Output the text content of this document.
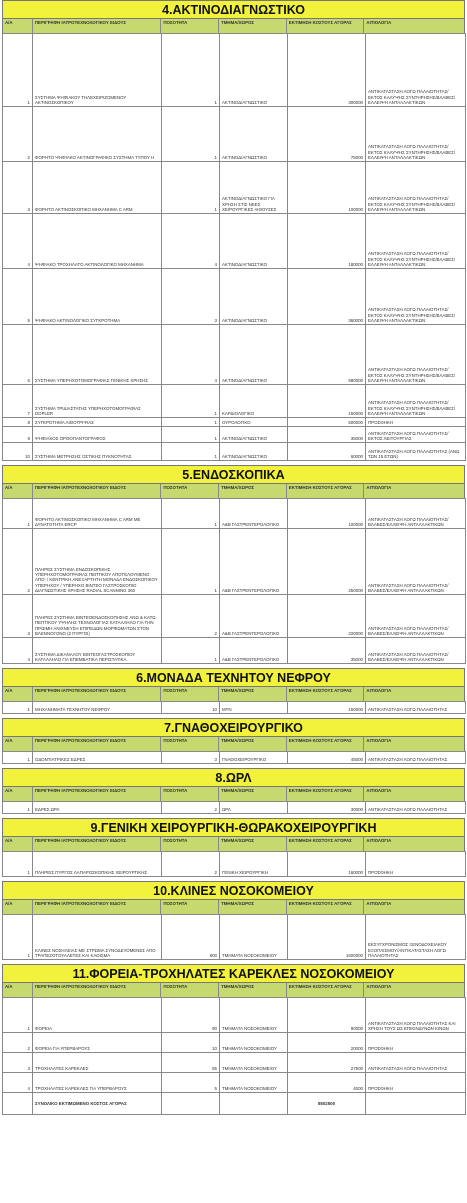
4.ΑΚΤΙΝΟΔΙΑΓΝΩΣΤΙΚΟ
Α/Α	ΠΕΡΙΓΡΑΦΗ ΙΑΤΡΟΤΕΧΝΟΛΟΓΙΚΟΥ ΕΙΔΟΥΣ	ΠΟΣΟΤΗΤΑ	ΤΜΗΜΑ/ΧΩΡΟΣ	ΕΚΤΙΜΗΣΗ ΚΟΣΤΟΥΣ ΑΓΟΡΑΣ	ΑΙΤΙΟΛΟΓΙΑ
1	ΣΥΣΤΗΜΑ ΨΗΦΙΑΚΟΥ ΤΗΛΕΧΕΙΡΙΖΟΜΕΝΟΥ ΑΚΤΙΝΟΣΚΟΠΙΚΟΥ	1	ΑΚΤΙΝΟΔ/ΑΓΝΩΣΤΙΚΟ	300000	ΑΝΤΙΚΑΤΑΣΤΑΣΗ ΛΟΓΩ ΠΑΛΑΙΟΤΗΤΑΣ/ΕΚΤΟΣ ΚΑΛΥΨΗΣ ΣΥΝΤΗΡΗΣΗΣ/ΒΛΑΒΕΣ/ΕΛΛΕΙΨΗ ΑΝΤΑΛΛΑΚΤΙΚΩΝ
2	ΦΟΡΗΤΟ ΨΗΦΙΑΚΟ ΑΚΤΙΝΟΓΡΑΦΙΚΟ ΣΥΣΤΗΜΑ ΤΥΠΟΥ Η	1	ΑΚΤΙΝΟΔ/ΑΓΝΩΣΤΙΚΟ	75000	ΑΝΤΙΚΑΤΑΣΤΑΣΗ ΛΟΓΩ ΠΑΛΑΙΟΤΗΤΑΣ/ΕΚΤΟΣ ΚΑΛΥΨΗΣ ΣΥΝΤΗΡΗΣΗΣ/ΒΛΑΒΕΣ/ΕΛΛΕΙΨΗ ΑΝΤΑΛΛΑΚΤΙΚΩΝ
3	ΦΟΡΗΤΟ ΑΚΤΙΝΟΣΚΟΠΙΚΟ ΜΗΧΑΝΗΜΑ C ARM	1	ΑΚΤΙΝΟΔ/ΑΓΝΩΣΤΙΚΟ ΓΙΑ ΧΡΗΣΗ ΣΤΙΣ ΝΕΕΣ ΧΕΙΡΟΥΡΓΙΚΕΣ ΑΙΘΟΥΣΕΣ	100000	ΑΝΤΙΚΑΤΑΣΤΑΣΗ ΛΟΓΩ ΠΑΛΑΙΟΤΗΤΑΣ/ΕΚΤΟΣ ΚΑΛΥΨΗΣ ΣΥΝΤΗΡΗΣΗΣ/ΒΛΑΒΕΣ/ΕΛΛΕΙΨΗ ΑΝΤΑΛΛΑΚΤΙΚΩΝ
4	ΨΗΦΙΑΚΟ ΤΡΟΧΗΛΑΤΟ ΑΚΤΙΝΟΛΟΓΙΚΟ ΜΗΧΑΝΗΜΑ	4	ΑΚΤΙΝΟΔ/ΑΓΝΩΣΤΙΚΟ	180000	ΑΝΤΙΚΑΤΑΣΤΑΣΗ ΛΟΓΩ ΠΑΛΑΙΟΤΗΤΑΣ/ΕΚΤΟΣ ΚΑΛΥΨΗΣ ΣΥΝΤΗΡΗΣΗΣ/ΒΛΑΒΕΣ/ΕΛΛΕΙΨΗ ΑΝΤΑΛΛΑΚΤΙΚΩΝ
5	ΨΗΦΙΑΚΟ ΑΚΤΙΝΟΛΟΓΙΚΟ ΣΥΓΚΡΟΤΗΜΑ	3	ΑΚΤΙΝΟΔ/ΑΓΝΩΣΤΙΚΟ	360000	ΑΝΤΙΚΑΤΑΣΤΑΣΗ ΛΟΓΩ ΠΑΛΑΙΟΤΗΤΑΣ/ΕΚΤΟΣ ΚΑΛΥΨΗΣ ΣΥΝΤΗΡΗΣΗΣ/ΒΛΑΒΕΣ/ΕΛΛΕΙΨΗ ΑΝΤΑΛΛΑΚΤΙΚΩΝ
6	ΣΥΣΤΗΜΑ ΥΠΕΡΗΧΟΤΟΜΟΓΡΑΦΙΑΣ ΓΕΝΙΚΗΣ ΧΡΗΣΗΣ	4	ΑΚΤΙΝΟΔ/ΑΓΝΩΣΤΙΚΟ	580000	ΑΝΤΙΚΑΤΑΣΤΑΣΗ ΛΟΓΩ ΠΑΛΑΙΟΤΗΤΑΣ/ΕΚΤΟΣ ΚΑΛΥΨΗΣ ΣΥΝΤΗΡΗΣΗΣ/ΒΛΑΒΕΣ/ΕΛΛΕΙΨΗ ΑΝΤΑΛΛΑΚΤΙΚΩΝ
7	ΣΥΣΤΗΜΑ ΤΡΙΔΙΑΣΤΑΤΗΣ ΥΠΕΡΗΧΟΤΟΜΟΓΡΑΦΙΑΣ DOPLER	1	ΚΑΡΔΙΟΛΟΓΙΚΟ	150000	ΑΝΤΙΚΑΤΑΣΤΑΣΗ ΛΟΓΩ ΠΑΛΑΙΟΤΗΤΑΣ/ΕΚΤΟΣ ΚΑΛΥΨΗΣ ΣΥΝΤΗΡΗΣΗΣ/ΒΛΑΒΕΣ/ΕΛΛΕΙΨΗ ΑΝΤΑΛΛΑΚΤΙΚΩΝ
8	ΣΥΓΚΡΟΤΗΜΑ ΛΙΘΟΤΡΙΨΙΑΣ	1	ΟΥΡΟΛΟΓΙΚΟ	500000	ΠΡΟΣΘΗΚΗ
9	ΨΗΦΙΑΚΟΣ ΟΡΘΟΠΑΝΤΟΓΡΑΦΟΣ	1	ΑΚΤΙΝΟΔ/ΑΓΝΩΣΤΙΚΟ	35000	ΑΝΤΙΚΑΤΑΣΤΑΣΗ ΛΟΓΩ ΠΑΛΑΙΟΤΗΤΑΣ/ΕΚΤΟΣ ΛΕΙΤΟΥΡΓΙΑΣ
10	ΣΥΣΤΗΜΑ ΜΕΤΡΗΣΗΣ ΟΣΤΙΚΗΣ ΠΥΚΝΟΤΗΤΑΣ	1	ΑΚΤΙΝΟΔ/ΑΓΝΩΣΤΙΚΟ	60000	ΑΝΤΙΚΑΤΑΣΤΑΣΗ ΛΟΓΩ ΠΑΛΑΙΟΤΗΤΑΣ (ΑΝΩ ΤΩΝ 15 ΕΤΩΝ)
5.ΕΝΔΟΣΚΟΠΙΚΑ
Α/Α	ΠΕΡΙΓΡΑΦΗ ΙΑΤΡΟΤΕΧΝΟΛΟΓΙΚΟΥ ΕΙΔΟΥΣ	ΠΟΣΟΤΗΤΑ	ΤΜΗΜΑ/ΧΩΡΟΣ	ΕΚΤΙΜΗΣΗ ΚΟΣΤΟΥΣ ΑΓΟΡΑΣ	ΑΙΤΙΟΛΟΓΙΑ
1	ΦΟΡΗΤΟ ΑΚΤΙΝΟΣΚΟΠΙΚΟ ΜΗΧΑΝΗΜΑ C ARM ΜΕ ΔΥΝΑΤΟΤΗΤΑ ERCP	1	Α&Β ΓΑΣΤΡΕΝΤΕΡΟΛΟΓΙΚΟ	100000	ΑΝΤΙΚΑΤΑΣΤΑΣΗ ΛΟΓΩ ΠΑΛΑΙΟΤΗΤΑΣ/ΒΛΑΒΕΣ/ΕΛΛΕΙΨΗ ΑΝΤΑΛΛΑΚΤΙΚΩΝ
2	ΠΛΗΡΕΣ ΣΥΣΤΗΜΑ ΕΝΔΟΣΚΟΠΙΚΗΣ ΥΠΕΡΗΧΟΤΟΜΟΓΡΑΦΙΑΣ ΠΕΠΤΙΚΟΥ ΑΠΟΤΕΛΟΥΜΕΝΟ ΑΠΟ: / ΚΕΝΤΡΙΚΗ ΑΝΕΞΑΡΤΗΤΗ ΜΟΝΑΔΑ ΕΝΔΟΣΚΟΠΙΚΟΥ ΥΠΕΡΗΧΟΥ / ΥΠΕΡΗΧΟ ΒΙΝΤΕΟ ΓΑΣΤΡΟΣΚΟΠΙΟ ΔΙΑΓΝΩΣΤΙΚΗΣ ΧΡΗΣΗΣ RADIAL SCANNING 360	1	Α&Β ΓΑΣΤΡΕΝΤΕΡΟΛΟΓΙΚΟ	250000	ΑΝΤΙΚΑΤΑΣΤΑΣΗ ΛΟΓΩ ΠΑΛΑΙΟΤΗΤΑΣ/ΒΛΑΒΕΣ/ΕΛΛΕΙΨΗ ΑΝΤΑΛΛΑΚΤΙΚΩΝ
3	ΠΛΗΡΕΣ ΣΥΣΤΗΜΑ ΒΙΝΤΕΟΕΝΔΟΣΚΟΠΗΣΗΣ ΑΝΩ & ΚΑΤΩ ΠΕΠΤΙΚΟΥ ΥΨΗΛΗΣ ΤΕΧΝΟΛΟΓΙΑΣ ΚΑΤΑΛΛΗΛΟ ΓΙΑ ΤΗΝ ΠΡΩΙΜΗ ΑΝΙΧΝΕΥΣΗ ΕΠΙΠΕΔΩΝ ΜΟΡΦΩΜΑΤΩΝ ΣΤΟΝ ΒΛΕΝΝΟΓΟΝΟ (2 ΠΥΡΓΟΙ)	2	Α&Β ΓΑΣΤΡΕΝΤΕΡΟΛΟΓΙΚΟ	220000	ΑΝΤΙΚΑΤΑΣΤΑΣΗ ΛΟΓΩ ΠΑΛΑΙΟΤΗΤΑΣ/ΒΛΑΒΕΣ/ΕΛΛΕΙΨΗ ΑΝΤΑΛΛΑΚΤΙΚΩΝ
4	ΣΥΣΤΗΜΑ ΔΙΚΑΝΑΛΟΥ ΒΙΝΤΕΟΓΑΣΤΡΟΣΚΟΠΙΟΥ ΚΑΤΑΛΛΗΛΟ ΓΙΑ ΕΠΕΜΒΑΤΙΚΑ ΠΕΡΙΣΤΑΤΙΚΑ	1	Α&Β ΓΑΣΤΡΕΝΤΕΡΟΛΟΓΙΚΟ	35000	ΑΝΤΙΚΑΤΑΣΤΑΣΗ ΛΟΓΩ ΠΑΛΑΙΟΤΗΤΑΣ/ΒΛΑΒΕΣ/ΕΛΛΕΙΨΗ ΑΝΤΑΛΛΑΚΤΙΚΩΝ
6.ΜΟΝΑΔΑ ΤΕΧΝΗΤΟΥ ΝΕΦΡΟΥ
Α/Α	ΠΕΡΙΓΡΑΦΗ ΙΑΤΡΟΤΕΧΝΟΛΟΓΙΚΟΥ ΕΙΔΟΥΣ	ΠΟΣΟΤΗΤΑ	ΤΜΗΜΑ/ΧΩΡΟΣ	ΕΚΤΙΜΗΣΗ ΚΟΣΤΟΥΣ ΑΓΟΡΑΣ	ΑΙΤΙΟΛΟΓΙΑ
1	ΜΗΧΑΝΗΜΑΤΑ ΤΕΧΝΗΤΟΥ ΝΕΦΡΟΥ	10	ΜΤΝ	150000	ΑΝΤΙΚΑΤΑΣΤΑΣΗ ΛΟΓΩ ΠΑΛΑΙΟΤΗΤΑΣ
7.ΓΝΑΘΟΧΕΙΡΟΥΡΓΙΚΟ
Α/Α	ΠΕΡΙΓΡΑΦΗ ΙΑΤΡΟΤΕΧΝΟΛΟΓΙΚΟΥ ΕΙΔΟΥΣ	ΠΟΣΟΤΗΤΑ	ΤΜΗΜΑ/ΧΩΡΟΣ	ΕΚΤΙΜΗΣΗ ΚΟΣΤΟΥΣ ΑΓΟΡΑΣ	ΑΙΤΙΟΛΟΓΙΑ
1	ΟΔΟΝΤΙΑΤΡΙΚΕΣ ΕΔΡΕΣ	3	ΓΝΑΘΟΧΕΙΡΟΥΡΓΙΚΟ	45000	ΑΝΤΙΚΑΤΑΣΤΑΣΗ ΛΟΓΩ ΠΑΛΑΙΟΤΗΤΑΣ
8.ΩΡΛ
Α/Α	ΠΕΡΙΓΡΑΦΗ ΙΑΤΡΟΤΕΧΝΟΛΟΓΙΚΟΥ ΕΙΔΟΥΣ	ΠΟΣΟΤΗΤΑ	ΤΜΗΜΑ/ΧΩΡΟΣ	ΕΚΤΙΜΗΣΗ ΚΟΣΤΟΥΣ ΑΓΟΡΑΣ	ΑΙΤΙΟΛΟΓΙΑ
1	ΕΔΡΕΣ ΩΡΛ	2	ΩΡΛ	30000	ΑΝΤΙΚΑΤΑΣΤΑΣΗ ΛΟΓΩ ΠΑΛΑΙΟΤΗΤΑΣ
9.ΓΕΝΙΚΗ ΧΕΙΡΟΥΡΓΙΚΗ-ΘΩΡΑΚΟΧΕΙΡΟΥΡΓΙΚΗ
Α/Α	ΠΕΡΙΓΡΑΦΗ ΙΑΤΡΟΤΕΧΝΟΛΟΓΙΚΟΥ ΕΙΔΟΥΣ	ΠΟΣΟΤΗΤΑ	ΤΜΗΜΑ/ΧΩΡΟΣ	ΕΚΤΙΜΗΣΗ ΚΟΣΤΟΥΣ ΑΓΟΡΑΣ	ΑΙΤΙΟΛΟΓΙΑ
1	ΠΛΗΡΕΙΣ ΠΥΡΓΟΣ ΛΑΠΑΡΟΣΚΟΠΙΚΗΣ ΧΕΙΡΟΥΡΓΙΚΗΣ	2	ΓΕΝΙΚΗ ΧΕΙΡΟΥΡΓΙΚΗ	160000	ΠΡΟΣΘΗΚΗ
10.ΚΛΙΝΕΣ ΝΟΣΟΚΟΜΕΙΟΥ
Α/Α	ΠΕΡΙΓΡΑΦΗ ΙΑΤΡΟΤΕΧΝΟΛΟΓΙΚΟΥ ΕΙΔΟΥΣ	ΠΟΣΟΤΗΤΑ	ΤΜΗΜΑ/ΧΩΡΟΣ	ΕΚΤΙΜΗΣΗ ΚΟΣΤΟΥΣ ΑΓΟΡΑΣ	ΑΙΤΙΟΛΟΓΙΑ
1	ΚΛΙΝΕΣ ΝΟΣΗΛΕΙΑΣ ΜΕ ΣΤΡΩΜΑ ΣΥΝΟΔΕΥΟΜΕΝΕΣ ΑΠΟ ΤΡΑΠΕΖΟΤΟΥΑΛΕΤΕΣ ΚΑΙ ΚΑΘΙΣΜΑ	800	ΤΜΗΜΑΤΑ ΝΟΣΟΚΟΜΕΙΟΥ	1600000	ΕΚΣΥΓΧΡΟΝΙΣΜΟΣ ΞΕΝΟΔΟΧΕΙΑΚΟΥ ΕΞΟΠΛΙΣΜΟΥ/ΑΝΤΙΚΑΤΑΣΤΑΣΗ ΛΟΓΩ ΠΑΛΑΙΟΤΗΤΑΣ
11.ΦΟΡΕΙΑ-ΤΡΟΧΗΛΑΤΕΣ ΚΑΡΕΚΛΕΣ ΝΟΣΟΚΟΜΕΙΟΥ
Α/Α	ΠΕΡΙΓΡΑΦΗ ΙΑΤΡΟΤΕΧΝΟΛΟΓΙΚΟΥ ΕΙΔΟΥΣ	ΠΟΣΟΤΗΤΑ	ΤΜΗΜΑ/ΧΩΡΟΣ	ΕΚΤΙΜΗΣΗ ΚΟΣΤΟΥΣ ΑΓΟΡΑΣ	ΑΙΤΙΟΛΟΓΙΑ
1	ΦΟΡΕΙΑ	90	ΤΜΗΜΑΤΑ ΝΟΣΟΚΟΜΕΙΟΥ	90000	ΑΝΤΙΚΑΤΑΣΤΑΣΗ ΛΟΓΩ ΠΑΛΑΙΟΤΗΤΑΣ ΚΑΙ ΧΡΗΣΗ ΤΟΥΣ ΩΣ ΕΠΙΚΙΝΔΥΝΩΝ ΚΙΝΩΝ
2	ΦΟΡΕΙΑ ΓΙΑ ΥΠΕΡΒΑΡΟΥΣ	10	ΤΜΗΜΑΤΑ ΝΟΣΟΚΟΜΕΙΟΥ	20000	ΠΡΟΣΘΗΚΗ
3	ΤΡΟΧΗΛΑΤΕΣ ΚΑΡΕΚΛΕΣ	55	ΤΜΗΜΑΤΑ ΝΟΣΟΚΟΜΕΙΟΥ	27500	ΑΝΤΙΚΑΤΑΣΤΑΣΗ ΛΟΓΩ ΠΑΛΑΙΟΤΗΤΑΣ
4	ΤΡΟΧΗΛΑΤΕΣ ΚΑΡΕΚΛΕΣ ΓΙΑ ΥΠΕΡΒΑΡΟΥΣ	5	ΤΜΗΜΑΤΑ ΝΟΣΟΚΟΜΕΙΟΥ	4000	ΠΡΟΣΘΗΚΗ
	ΣΥΝΟΛΙΚΟ ΕΚΤΙΜΩΜΕΝΟ ΚΟΣΤΟΣ ΑΓΟΡΑΣ			8502500	
